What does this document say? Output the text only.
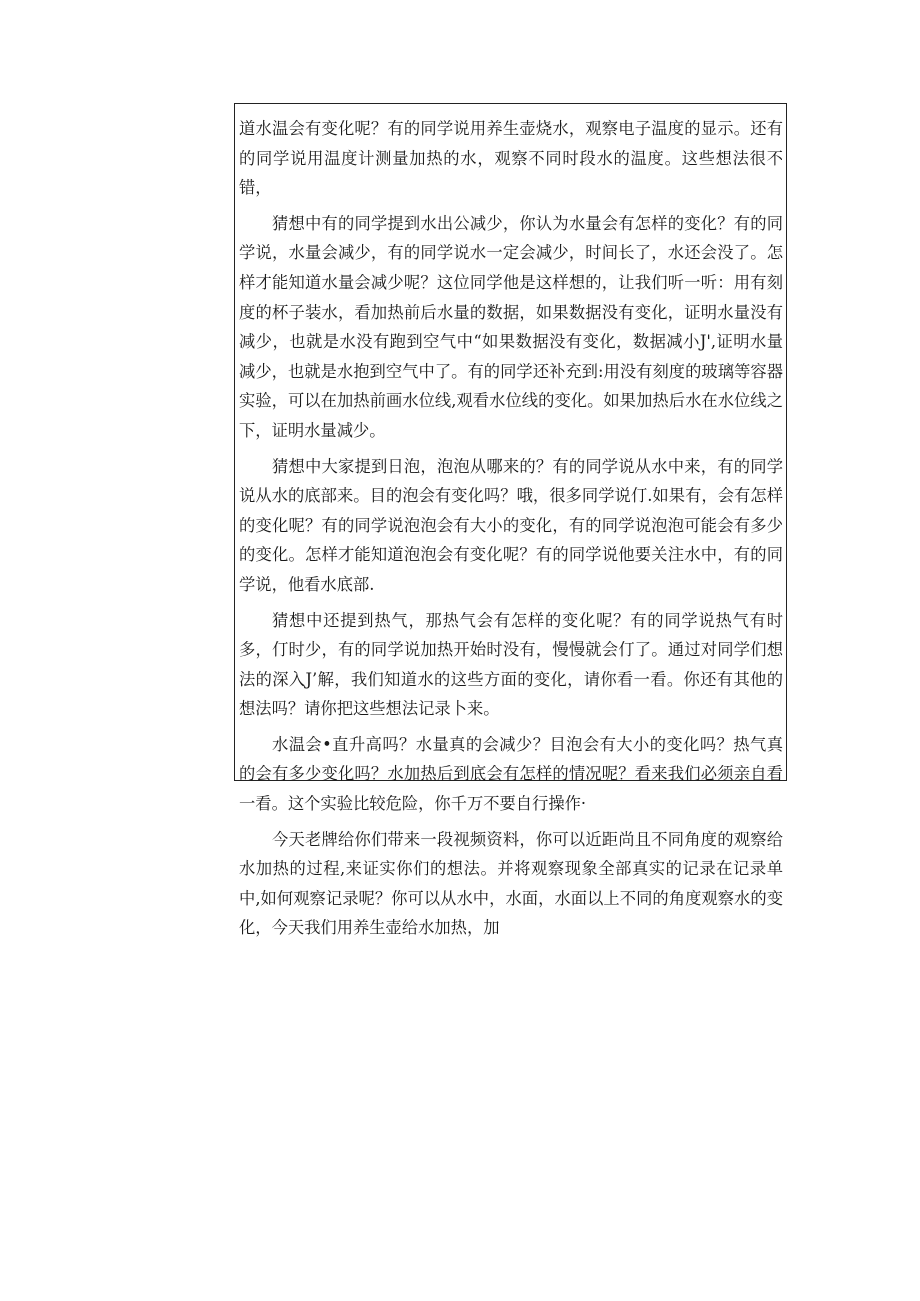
道水温会有变化呢？有的同学说用养生壶烧水，观察电子温度的显示。还有的同学说用温度计测量加热的水，观察不同时段水的温度。这些想法很不错，

猜想中有的同学提到水出公减少，你认为水量会有怎样的变化？有的同学说，水量会减少，有的同学说水一定会减少，时间长了，水还会没了。怎样才能知道水量会减少呢？这位同学他是这样想的，让我们听一听：用有刻度的杯子装水，看加热前后水量的数据，如果数据没有变化，证明水量没有减少，也就是水没有跑到空气中“如果数据没有变化，数据减小J',证明水量减少，也就是水抱到空气中了。有的同学还补充到:用没有刻度的玻璃等容器实验，可以在加热前画水位线,观看水位线的变化。如果加热后水在水位线之下，证明水量减少。

猜想中大家提到日泡，泡泡从哪来的？有的同学说从水中来，有的同学说从水的底部来。目的泡会有变化吗？哦，很多同学说仃.如果有，会有怎样的变化呢？有的同学说泡泡会有大小的变化，有的同学说泡泡可能会有多少的变化。怎样才能知道泡泡会有变化呢？有的同学说他要关注水中，有的同学说，他看水底部.

猜想中还提到热气，那热气会有怎样的变化呢？有的同学说热气有时多，仃时少，有的同学说加热开始时没有，慢慢就会仃了。通过对同学们想法的深入J’解，我们知道水的这些方面的变化，请你看一看。你还有其他的想法吗？请你把这些想法记录卜来。

水温会•直升高吗？水量真的会减少？目泡会有大小的变化吗？热气真的会有多少变化吗？水加热后到底会有怎样的情况呢？看来我们必须亲自看一看。这个实验比较危险，你千万不要自行操作·

今天老牌给你们带来一段视频资料，你可以近距尚且不同角度的观察给水加热的过程,来证实你们的想法。并将观察现象全部真实的记录在记录单中,如何观察记录呢？你可以从水中，水面，水面以上不同的角度观察水的变化，今天我们用养生壶给水加热，加
